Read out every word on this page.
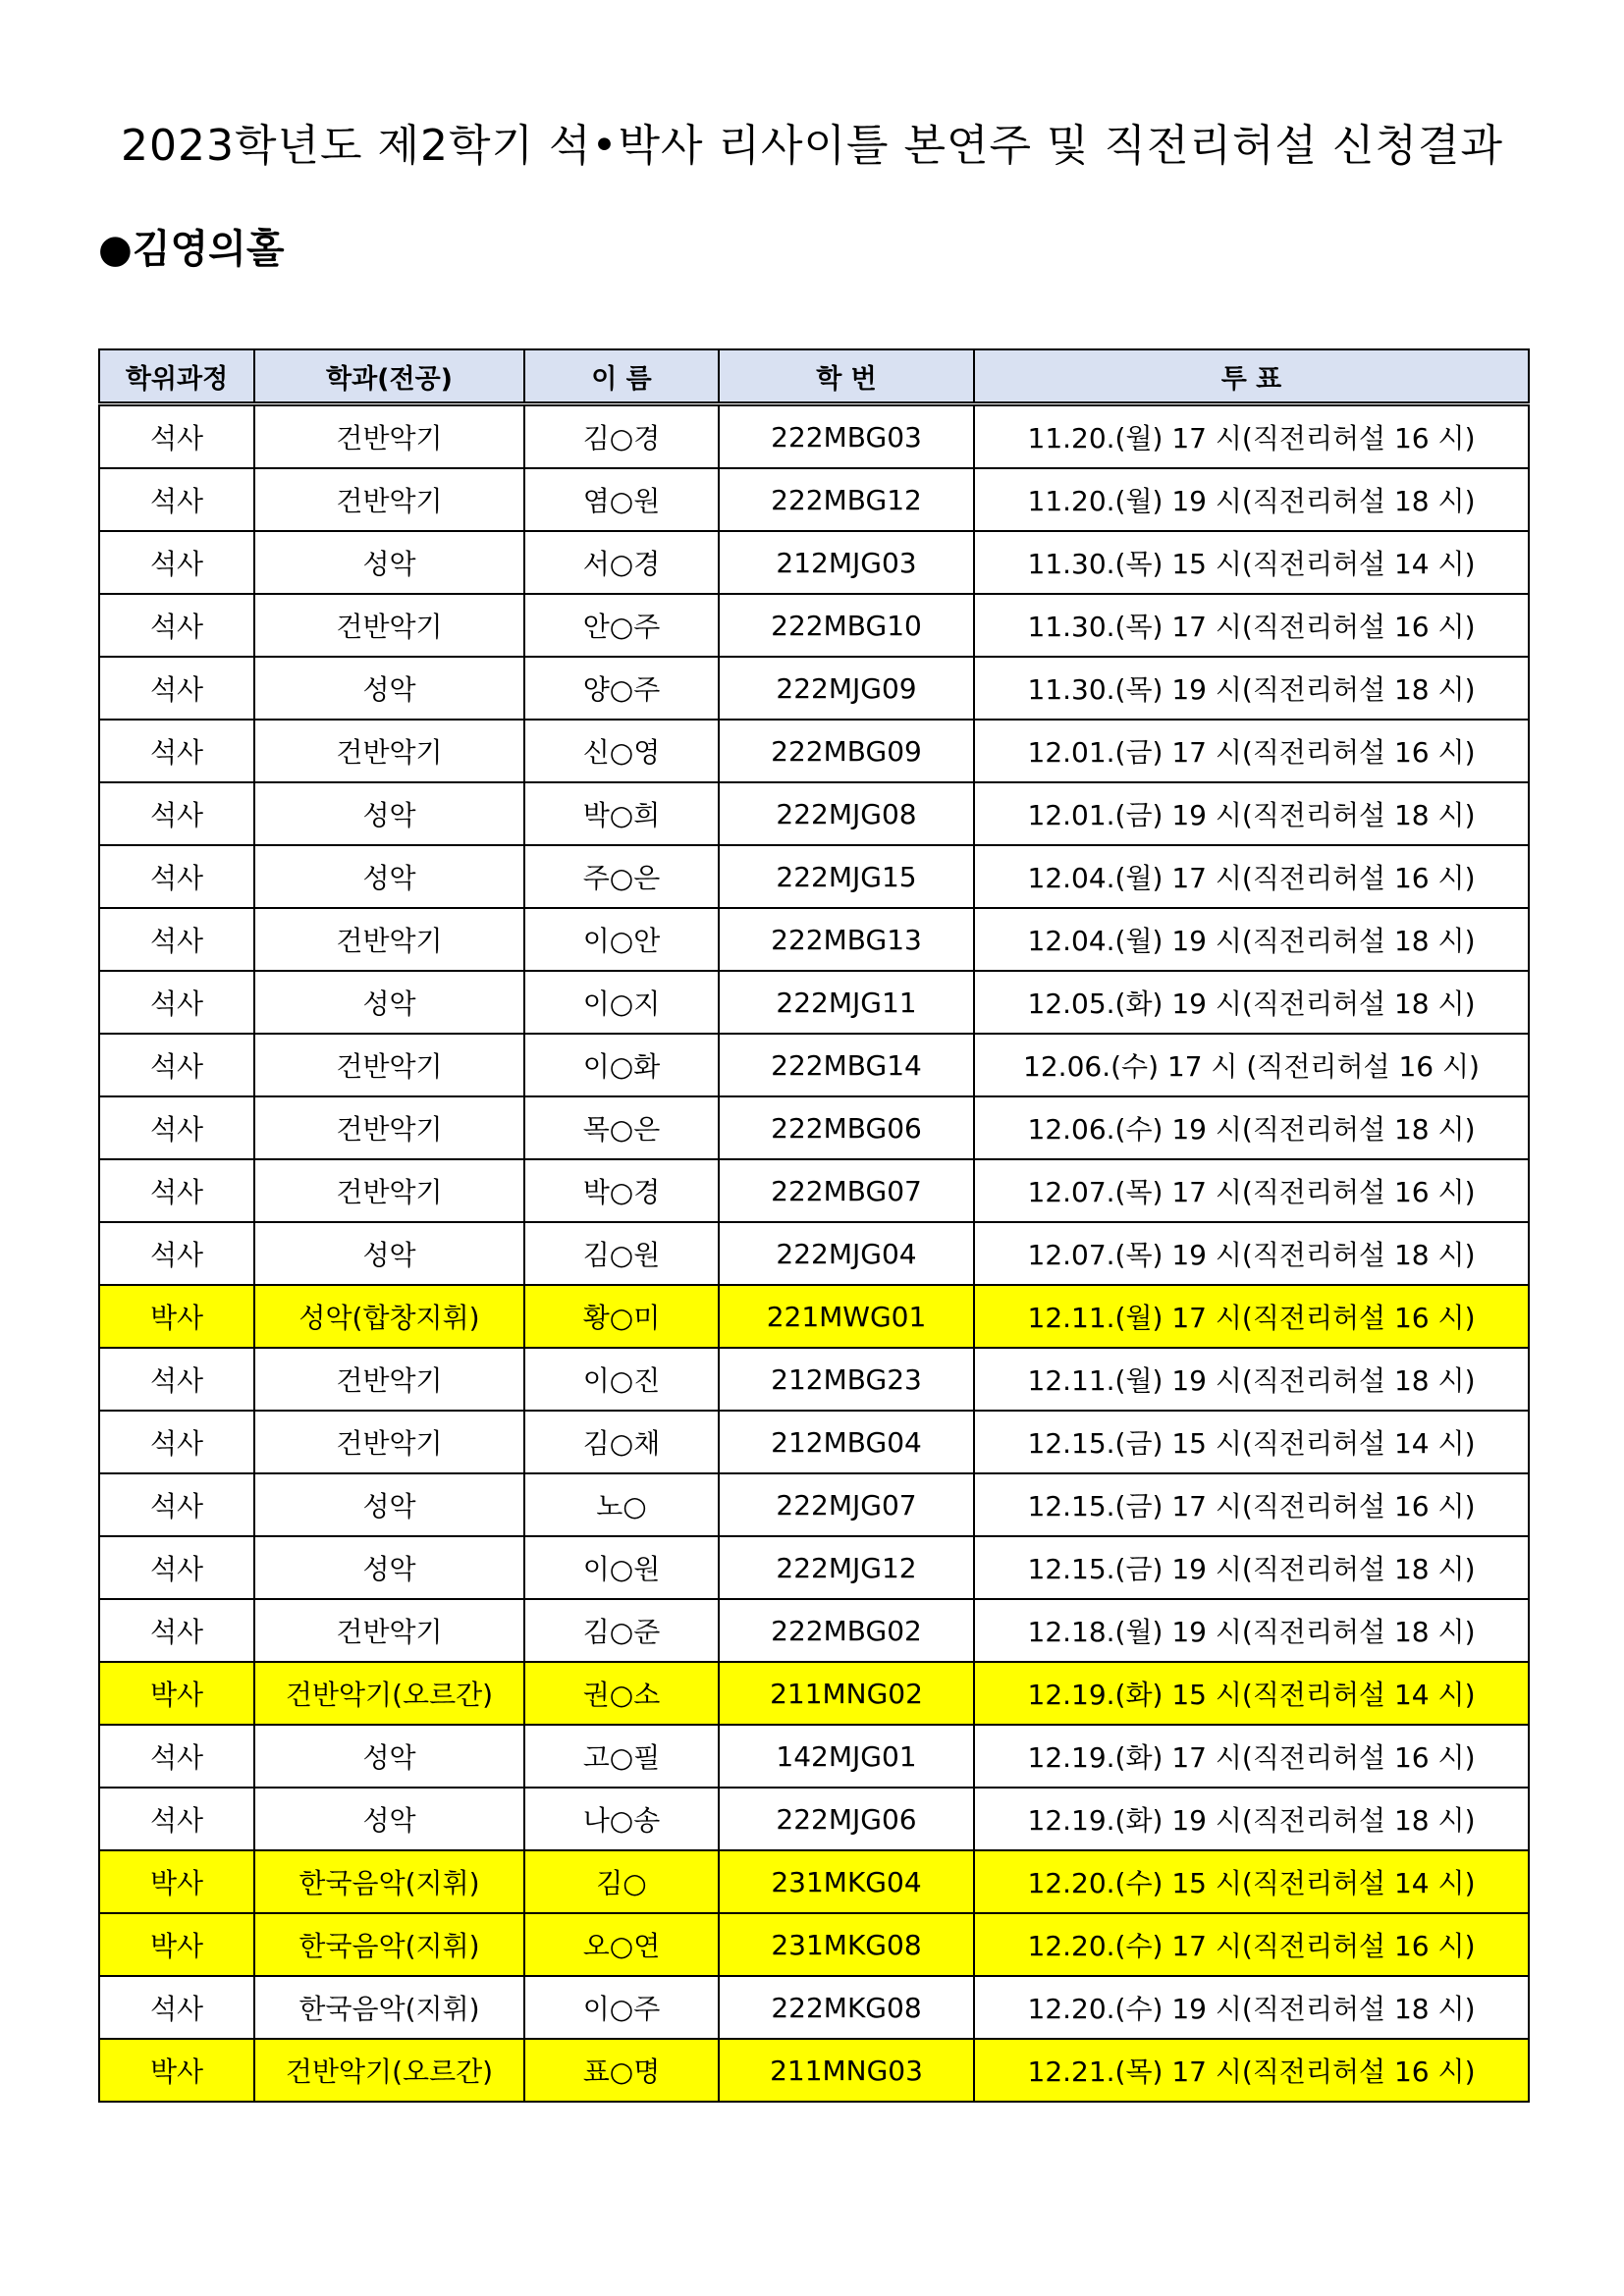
2023학년도 제2학기 석•박사 리사이틀 본연주 및 직전리허설 신청결과
●김영의홀
학위과정	학과(전공)	이 름	학 번	투 표
석사	건반악기	김○경	222MBG03	11.20.(월) 17 시(직전리허설 16 시)
석사	건반악기	염○원	222MBG12	11.20.(월) 19 시(직전리허설 18 시)
석사	성악	서○경	212MJG03	11.30.(목) 15 시(직전리허설 14 시)
석사	건반악기	안○주	222MBG10	11.30.(목) 17 시(직전리허설 16 시)
석사	성악	양○주	222MJG09	11.30.(목) 19 시(직전리허설 18 시)
석사	건반악기	신○영	222MBG09	12.01.(금) 17 시(직전리허설 16 시)
석사	성악	박○희	222MJG08	12.01.(금) 19 시(직전리허설 18 시)
석사	성악	주○은	222MJG15	12.04.(월) 17 시(직전리허설 16 시)
석사	건반악기	이○안	222MBG13	12.04.(월) 19 시(직전리허설 18 시)
석사	성악	이○지	222MJG11	12.05.(화) 19 시(직전리허설 18 시)
석사	건반악기	이○화	222MBG14	12.06.(수) 17 시 (직전리허설 16 시)
석사	건반악기	목○은	222MBG06	12.06.(수) 19 시(직전리허설 18 시)
석사	건반악기	박○경	222MBG07	12.07.(목) 17 시(직전리허설 16 시)
석사	성악	김○원	222MJG04	12.07.(목) 19 시(직전리허설 18 시)
박사	성악(합창지휘)	황○미	221MWG01	12.11.(월) 17 시(직전리허설 16 시)
석사	건반악기	이○진	212MBG23	12.11.(월) 19 시(직전리허설 18 시)
석사	건반악기	김○채	212MBG04	12.15.(금) 15 시(직전리허설 14 시)
석사	성악	노○	222MJG07	12.15.(금) 17 시(직전리허설 16 시)
석사	성악	이○원	222MJG12	12.15.(금) 19 시(직전리허설 18 시)
석사	건반악기	김○준	222MBG02	12.18.(월) 19 시(직전리허설 18 시)
박사	건반악기(오르간)	권○소	211MNG02	12.19.(화) 15 시(직전리허설 14 시)
석사	성악	고○필	142MJG01	12.19.(화) 17 시(직전리허설 16 시)
석사	성악	나○송	222MJG06	12.19.(화) 19 시(직전리허설 18 시)
박사	한국음악(지휘)	김○	231MKG04	12.20.(수) 15 시(직전리허설 14 시)
박사	한국음악(지휘)	오○연	231MKG08	12.20.(수) 17 시(직전리허설 16 시)
석사	한국음악(지휘)	이○주	222MKG08	12.20.(수) 19 시(직전리허설 18 시)
박사	건반악기(오르간)	표○명	211MNG03	12.21.(목) 17 시(직전리허설 16 시)
